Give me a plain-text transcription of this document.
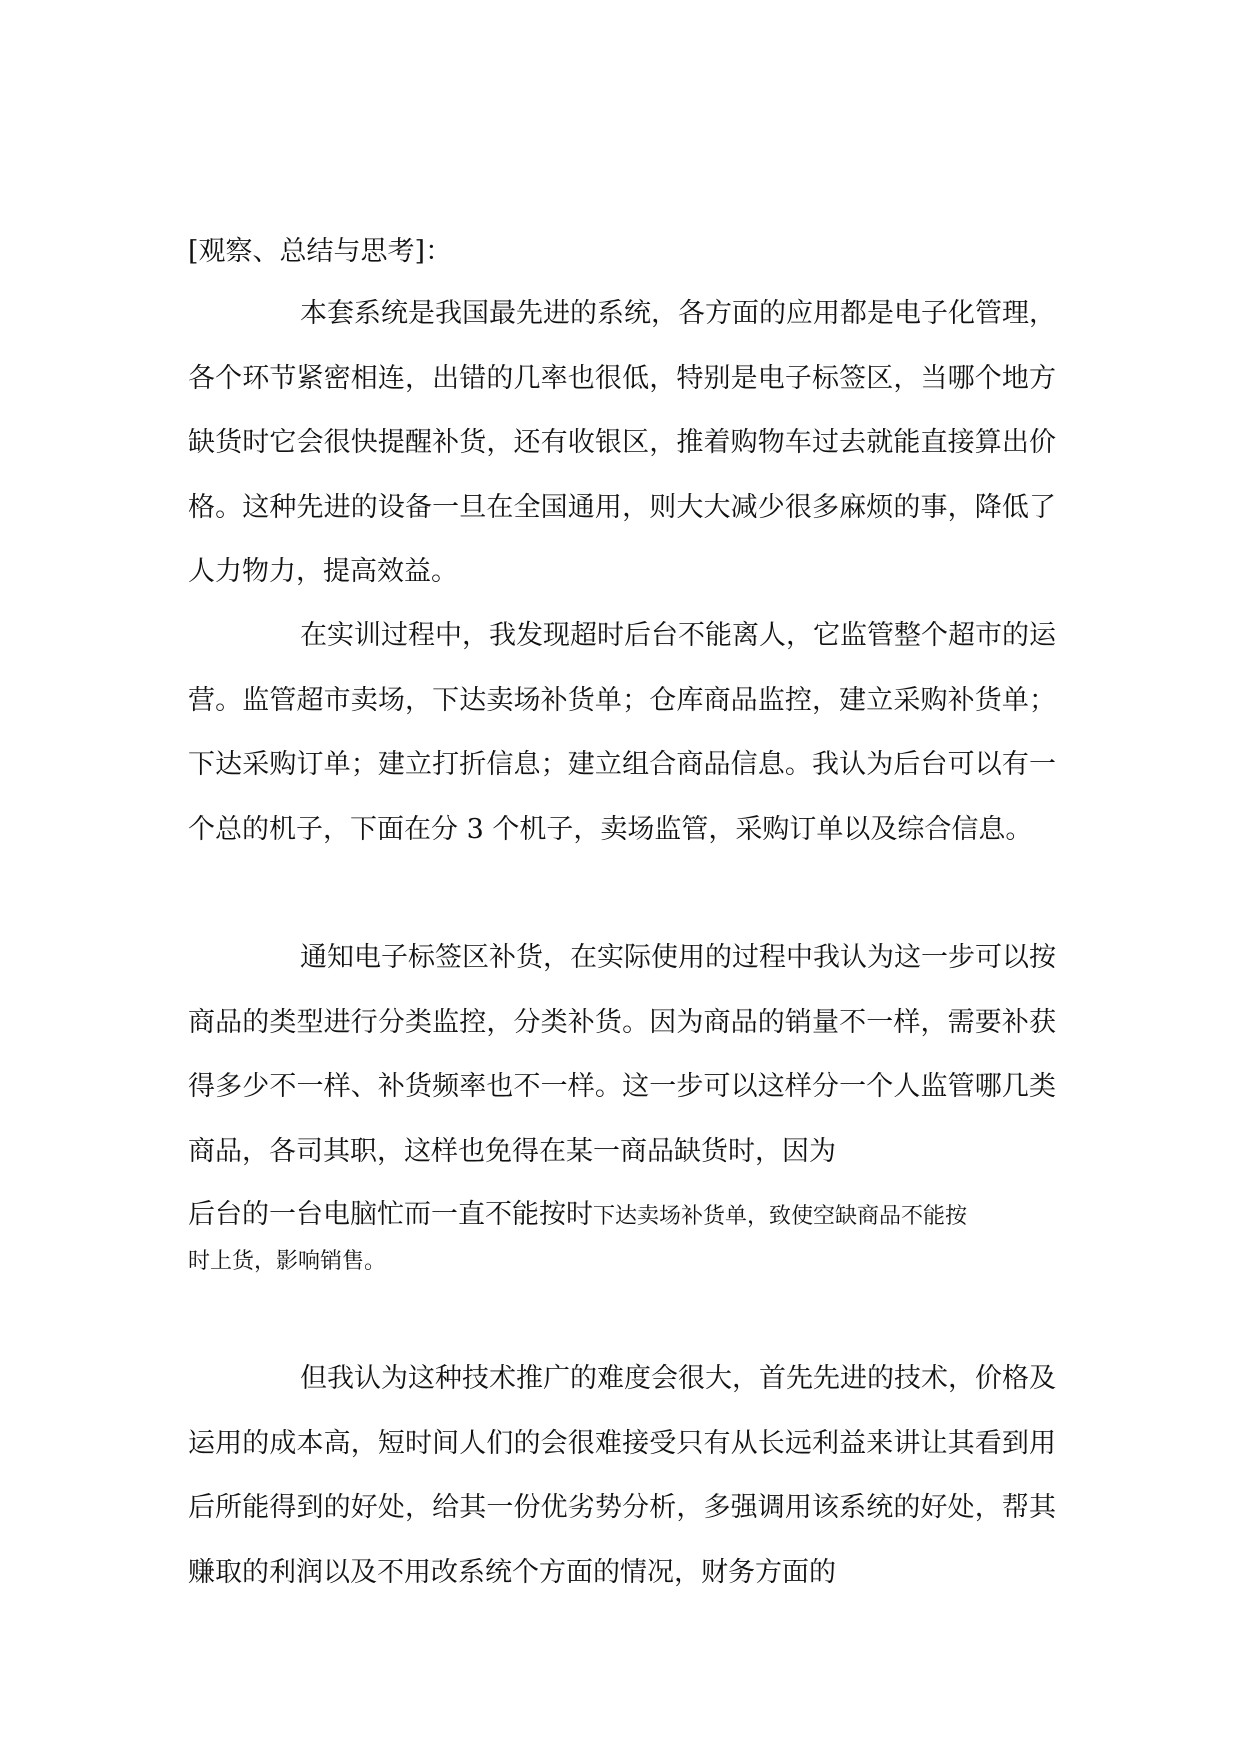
[观察、总结与思考]：

本套系统是我国最先进的系统，各方面的应用都是电子化管理，各个环节紧密相连，出错的几率也很低，特别是电子标签区，当哪个地方缺货时它会很快提醒补货，还有收银区，推着购物车过去就能直接算出价格。这种先进的设备一旦在全国通用，则大大减少很多麻烦的事，降低了人力物力，提高效益。

在实训过程中，我发现超时后台不能离人，它监管整个超市的运营。监管超市卖场，下达卖场补货单；仓库商品监控，建立采购补货单；下达采购订单；建立打折信息；建立组合商品信息。我认为后台可以有一个总的机子，下面在分 3 个机子，卖场监管，采购订单以及综合信息。

通知电子标签区补货，在实际使用的过程中我认为这一步可以按商品的类型进行分类监控，分类补货。因为商品的销量不一样，需要补获得多少不一样、补货频率也不一样。这一步可以这样分一个人监管哪几类商品，各司其职，这样也免得在某一商品缺货时，因为

后台的一台电脑忙而一直不能按时下达卖场补货单，致使空缺商品不能按
时上货，影响销售。

但我认为这种技术推广的难度会很大，首先先进的技术，价格及运用的成本高，短时间人们的会很难接受只有从长远利益来讲让其看到用后所能得到的好处，给其一份优劣势分析，多强调用该系统的好处，帮其赚取的利润以及不用改系统个方面的情况，财务方面的
